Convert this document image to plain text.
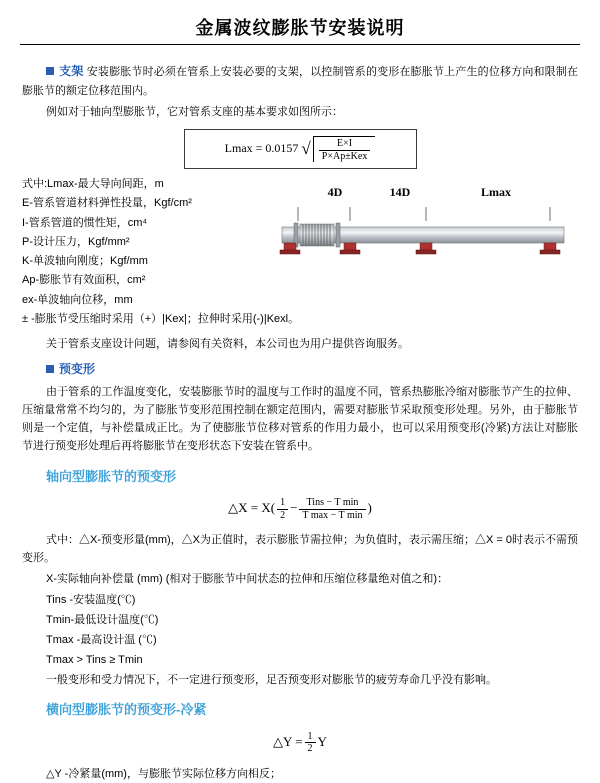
金属波纹膨胀节安装说明

支架 安装膨胀节时必须在管系上安装必要的支架，以控制管系的变形在膨胀节上产生的位移方向和限制在膨胀节的额定位移范围内。

例如对于轴向型膨胀节，它对管系支座的基本要求如图所示：

Lmax = 0.0157 √ $\frac{E\times I}{\text{P×Ap±Kex}}$
式中:Lmax-最大导向间距，m
E-管系管道材料弹性投量，Kgf/cm²
I-管系管道的惯性矩，cm⁴
P-设计压力，Kgf/mm²
K-单波轴向刚度；Kgf/mm
Ap-膨胀节有效面积，cm²
ex-单波轴向位移，mm
± -膨胀节受压缩时采用（+）|Kex|；拉伸时采用(-)|Kexl。
4D	14D	Lmax

关于管系支座设计问题，请参阅有关资料，本公司也为用户提供咨询服务。

预变形

由于管系的工作温度变化，安装膨胀节时的温度与工作时的温度不同，管系热膨胀冷缩对膨胀节产生的拉伸、压缩量常常不均匀的，为了膨胀节变形范围控制在额定范围内，需要对膨胀节采取预变形处理。另外，由于膨胀节则是一个定值，与补偿量成正比。为了使膨胀节位移对管系的作用力最小，也可以采用预变形(冷紧)方法让对膨胀节进行预变形处理后再将膨胀节在变形状态下安装在管系中。

轴向型膨胀节的预变形
△X = $X( \frac{1}{2} - \frac{\text{Tins − T min}}{\text{T max − T min}}$ )

式中：△X-预变形量(mm)，△X为正值时，表示膨胀节需拉伸；为负值时，表示需压缩；△X = 0时表示不需预变形。

X-实际轴向补偿量 (mm) (相对于膨胀节中间状态的拉伸和压缩位移量绝对值之和)：

Tins -安装温度(℃)

Tmin-最低设计温度(℃)

Tmax -最高设计温 (℃)

Tmax > Tins ≥ Tmin

一般变形和受力情况下，不一定进行预变形，足否预变形对膨胀节的疲劳寿命几乎没有影响。

横向型膨胀节的预变形-冷紧
△Y = $\frac{1}{2}$ Y

△Y -冷紧量(mm)，与膨胀节实际位移方向相反；
